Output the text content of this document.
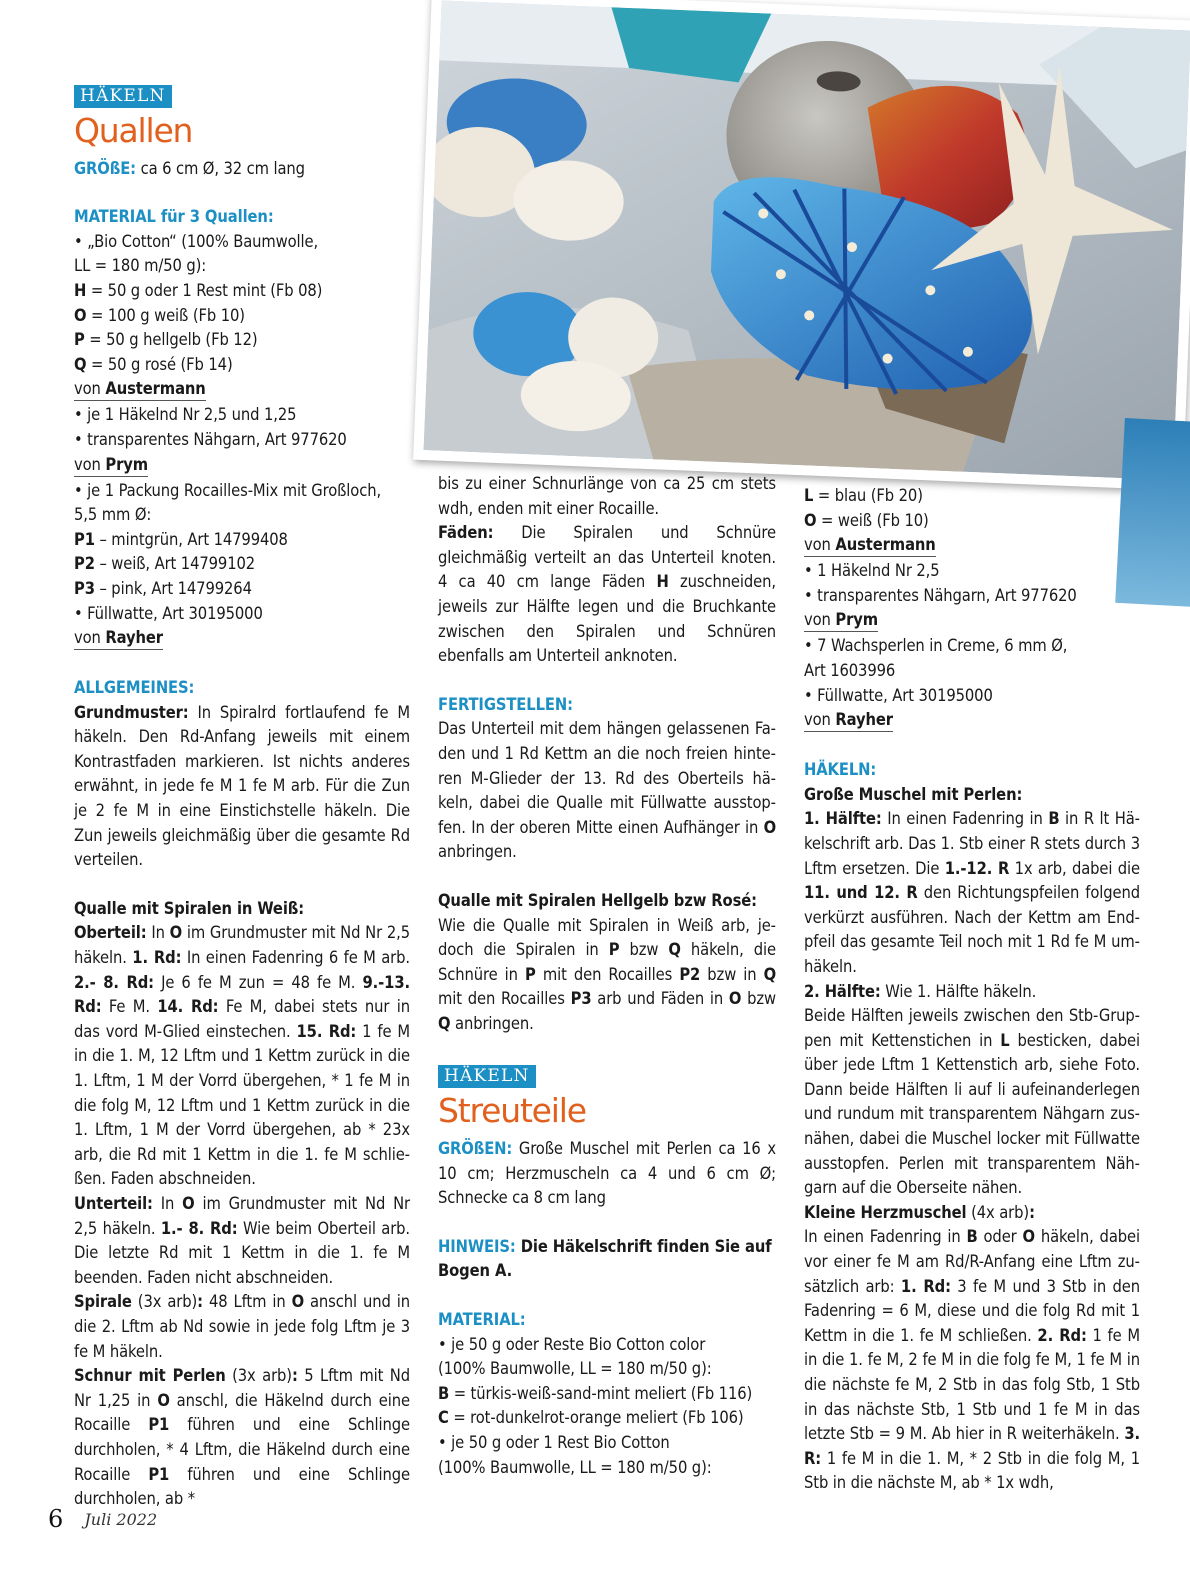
HÄKELN
Quallen

GRÖßE: ca 6 cm Ø, 32 cm lang

MATERIAL für 3 Quallen:

• „Bio Cotton“ (100% Baumwolle,

LL = 180 m/50 g):

H = 50 g oder 1 Rest mint (Fb 08)

O = 100 g weiß (Fb 10)

P = 50 g hellgelb (Fb 12)

Q = 50 g rosé (Fb 14)

von Austermann

• je 1 Häkelnd Nr 2,5 und 1,25

• transparentes Nähgarn, Art 977620

von Prym

• je 1 Packung Rocailles-Mix mit Großloch,

5,5 mm Ø:

P1 – mintgrün, Art 14799408

P2 – weiß, Art 14799102

P3 – pink, Art 14799264

• Füllwatte, Art 30195000

von Rayher

ALLGEMEINES:

Grundmuster: In Spiralrd fortlaufend fe M häkeln. Den Rd-Anfang jeweils mit einem Kontrastfaden markieren. Ist nichts anderes erwähnt, in jede fe M 1 fe M arb. Für die Zun je 2 fe M in eine Einstichstelle häkeln. Die Zun jeweils gleichmäßig über die gesamte Rd verteilen.

Qualle mit Spiralen in Weiß:

Oberteil: In O im Grundmuster mit Nd Nr 2,5 häkeln. 1. Rd: In einen Fadenring 6 fe M arb. 2.- 8. Rd: Je 6 fe M zun = 48 fe M. 9.-13. Rd: Fe M. 14. Rd: Fe M, dabei stets nur in das vord M-Glied einstechen. 15. Rd: 1 fe M in die 1. M, 12 Lftm und 1 Kettm zurück in die 1. Lftm, 1 M der Vorrd übergehen, * 1 fe M in die folg M, 12 Lftm und 1 Kettm zurück in die 1. Lftm, 1 M der Vorrd übergehen, ab * 23x arb, die Rd mit 1 Kettm in die 1. fe M schließen. Faden abschneiden.

Unterteil: In O im Grundmuster mit Nd Nr 2,5 häkeln. 1.- 8. Rd: Wie beim Oberteil arb. Die letzte Rd mit 1 Kettm in die 1. fe M beenden. Faden nicht abschneiden.

Spirale (3x arb): 48 Lftm in O anschl und in die 2. Lftm ab Nd sowie in jede folg Lftm je 3 fe M häkeln.

Schnur mit Perlen (3x arb): 5 Lftm mit Nd Nr 1,25 in O anschl, die Häkelnd durch eine Rocaille P1 führen und eine Schlinge durchholen, * 4 Lftm, die Häkelnd durch eine Rocaille P1 führen und eine Schlinge durchholen, ab *

bis zu einer Schnurlänge von ca 25 cm stets wdh, enden mit einer Rocaille.

Fäden: Die Spiralen und Schnüre gleichmäßig verteilt an das Unterteil knoten. 4 ca 40 cm lange Fäden H zuschneiden, jeweils zur Hälfte legen und die Bruchkante zwischen den Spiralen und Schnüren ebenfalls am Unterteil anknoten.

FERTIGSTELLEN:

Das Unterteil mit dem hängen gelassenen Faden und 1 Rd Kettm an die noch freien hinteren M-Glieder der 13. Rd des Oberteils häkeln, dabei die Qualle mit Füllwatte ausstopfen. In der oberen Mitte einen Aufhänger in O anbringen.

Qualle mit Spiralen Hellgelb bzw Rosé:

Wie die Qualle mit Spiralen in Weiß arb, jedoch die Spiralen in P bzw Q häkeln, die Schnüre in P mit den Rocailles P2 bzw in Q mit den Rocailles P3 arb und Fäden in O bzw Q anbringen.

HÄKELN
Streuteile

GRÖßEN: Große Muschel mit Perlen ca 16 x 10 cm; Herzmuscheln ca 4 und 6 cm Ø; Schnecke ca 8 cm lang

HINWEIS: Die Häkelschrift finden Sie auf Bogen A.

MATERIAL:

• je 50 g oder Reste Bio Cotton color

(100% Baumwolle, LL = 180 m/50 g):

B = türkis-weiß-sand-mint meliert (Fb 116)

C = rot-dunkelrot-orange meliert (Fb 106)

• je 50 g oder 1 Rest Bio Cotton

(100% Baumwolle, LL = 180 m/50 g):

L = blau (Fb 20)

O = weiß (Fb 10)

von Austermann

• 1 Häkelnd Nr 2,5

• transparentes Nähgarn, Art 977620

von Prym

• 7 Wachsperlen in Creme, 6 mm Ø,

Art 1603996

• Füllwatte, Art 30195000

von Rayher

HÄKELN:

Große Muschel mit Perlen:

1. Hälfte: In einen Fadenring in B in R lt Häkelschrift arb. Das 1. Stb einer R stets durch 3 Lftm ersetzen. Die 1.-12. R 1x arb, dabei die 11. und 12. R den Richtungspfeilen folgend verkürzt ausführen. Nach der Kettm am Endpfeil das gesamte Teil noch mit 1 Rd fe M umhäkeln.

2. Hälfte: Wie 1. Hälfte häkeln.

Beide Hälften jeweils zwischen den Stb-Gruppen mit Kettenstichen in L besticken, dabei über jede Lftm 1 Kettenstich arb, siehe Foto. Dann beide Hälften li auf li aufeinanderlegen und rundum mit transparentem Nähgarn zusnähen, dabei die Muschel locker mit Füllwatte ausstopfen. Perlen mit transparentem Nähgarn auf die Oberseite nähen.

Kleine Herzmuschel (4x arb):

In einen Fadenring in B oder O häkeln, dabei vor einer fe M am Rd/R-Anfang eine Lftm zusätzlich arb: 1. Rd: 3 fe M und 3 Stb in den Fadenring = 6 M, diese und die folg Rd mit 1 Kettm in die 1. fe M schließen. 2. Rd: 1 fe M in die 1. fe M, 2 fe M in die folg fe M, 1 fe M in die nächste fe M, 2 Stb in das folg Stb, 1 Stb in das nächste Stb, 1 Stb und 1 fe M in das letzte Stb = 9 M. Ab hier in R weiterhäkeln. 3. R: 1 fe M in die 1. M, * 2 Stb in die folg M, 1 Stb in die nächste M, ab * 1x wdh,

6 Juli 2022
